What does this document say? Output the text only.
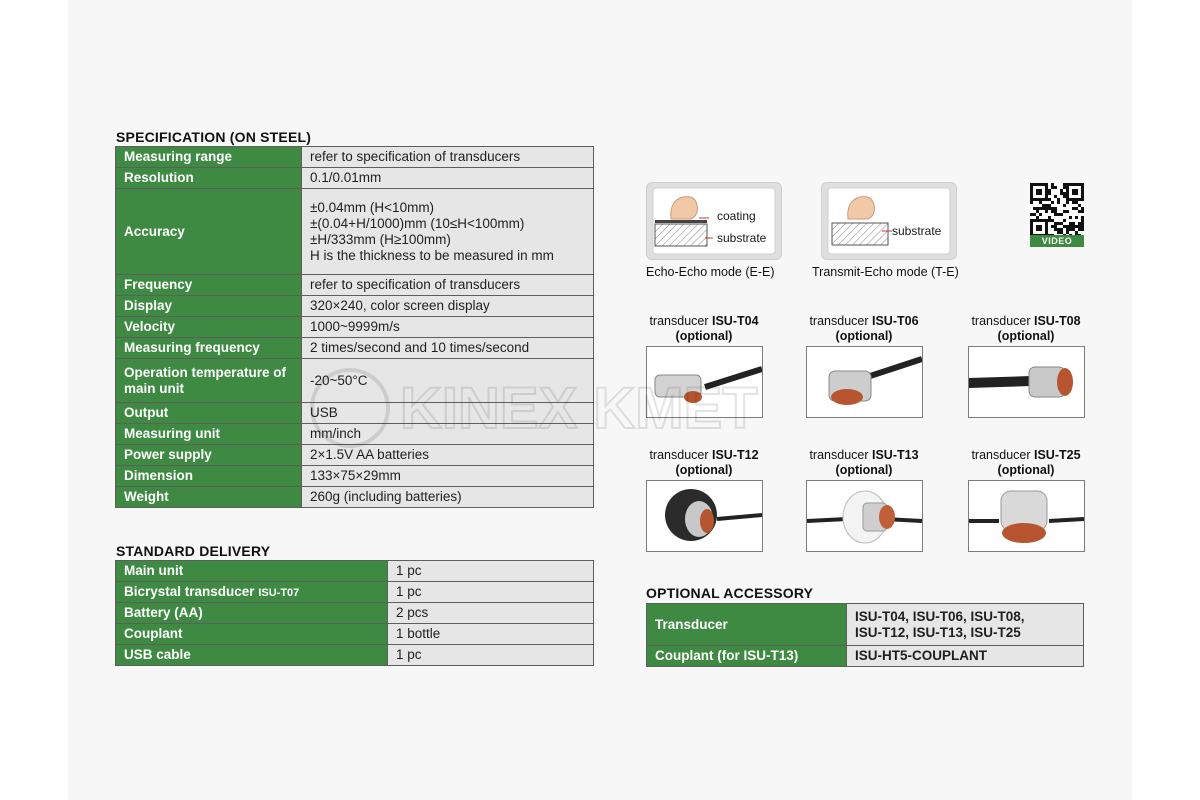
SPECIFICATION (ON STEEL)
Measuring range	refer to specification of transducers

Resolution	0.1/0.01mm

Accuracy	±0.04mm (H<10mm)
±(0.04+H/1000)mm (10≤H<100mm)
±H/333mm (H≥100mm)
H is the thickness to be measured in mm

Frequency	refer to specification of transducers

Display	320×240, color screen display

Velocity	1000~9999m/s

Measuring frequency	2 times/second and 10 times/second

Operation temperature of main unit	-20~50°C

Output	USB

Measuring unit	mm/inch

Power supply	2×1.5V AA batteries

Dimension	133×75×29mm

Weight	260g (including batteries)
STANDARD DELIVERY
Main unit	1 pc
Bicrystal transducer ISU-T07	1 pc
Battery (AA)	2 pcs
Couplant	1 bottle
USB cable	1 pc
coating
substrate
Echo-Echo mode (E-E)
substrate
Transmit-Echo mode (T-E)
VIDEO
transducer ISU-T04
(optional)
transducer ISU-T06
(optional)
transducer ISU-T08
(optional)
transducer ISU-T12
(optional)
transducer ISU-T13
(optional)
transducer ISU-T25
(optional)
OPTIONAL ACCESSORY
Transducer	ISU-T04, ISU-T06, ISU-T08,
ISU-T12, ISU-T13, ISU-T25

Couplant (for ISU-T13)	ISU-HT5-COUPLANT
